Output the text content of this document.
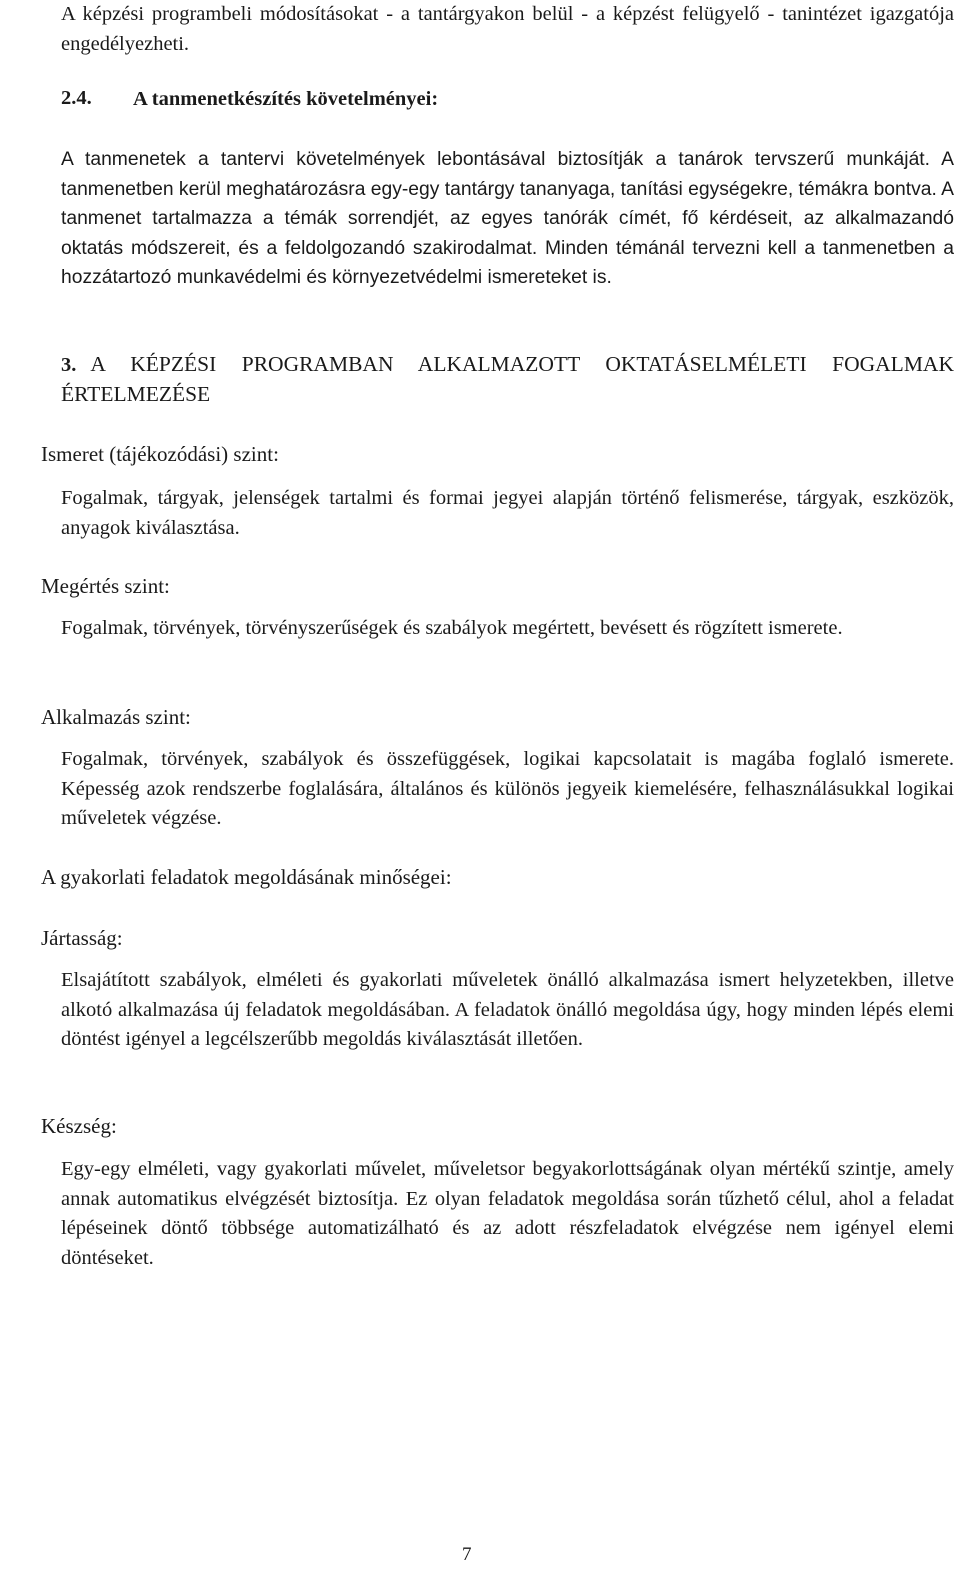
A képzési programbeli módosításokat - a tantárgyakon belül - a képzést felügyelő - tanintézet igazgatója engedélyezheti.

2.4. A tanmenetkészítés követelményei:

A tanmenetek a tantervi követelmények lebontásával biztosítják a tanárok tervszerű munkáját. A tanmenetben kerül meghatározásra egy-egy tantárgy tananyaga, tanítási egységekre, témákra bontva. A tanmenet tartalmazza a témák sorrendjét, az egyes tanórák címét, fő kérdéseit, az alkalmazandó oktatás módszereit, és a feldolgozandó szakirodalmat. Minden témánál tervezni kell a tanmenetben a hozzátartozó munkavédelmi és környezetvédelmi ismereteket is.

3. A KÉPZÉSI PROGRAMBAN ALKALMAZOTT OKTATÁSELMÉLETI FOGALMAK ÉRTELMEZÉSE

Ismeret (tájékozódási) szint:

Fogalmak, tárgyak, jelenségek tartalmi és formai jegyei alapján történő felismerése, tárgyak, eszközök, anyagok kiválasztása.

Megértés szint:

Fogalmak, törvények, törvényszerűségek és szabályok megértett, bevésett és rögzített ismerete.

Alkalmazás szint:

Fogalmak, törvények, szabályok és összefüggések, logikai kapcsolatait is magába foglaló ismerete. Képesség azok rendszerbe foglalására, általános és különös jegyeik kiemelésére, felhasználásukkal logikai műveletek végzése.

A gyakorlati feladatok megoldásának minőségei:

Jártasság:

Elsajátított szabályok, elméleti és gyakorlati műveletek önálló alkalmazása ismert helyzetekben, illetve alkotó alkalmazása új feladatok megoldásában. A feladatok önálló megoldása úgy, hogy minden lépés elemi döntést igényel a legcélszerűbb megoldás kiválasztását illetően.

Készség:

Egy-egy elméleti, vagy gyakorlati művelet, műveletsor begyakorlottságának olyan mértékű szintje, amely annak automatikus elvégzését biztosítja. Ez olyan feladatok megoldása során tűzhető célul, ahol a feladat lépéseinek döntő többsége automatizálható és az adott részfeladatok elvégzése nem igényel elemi döntéseket.

7
